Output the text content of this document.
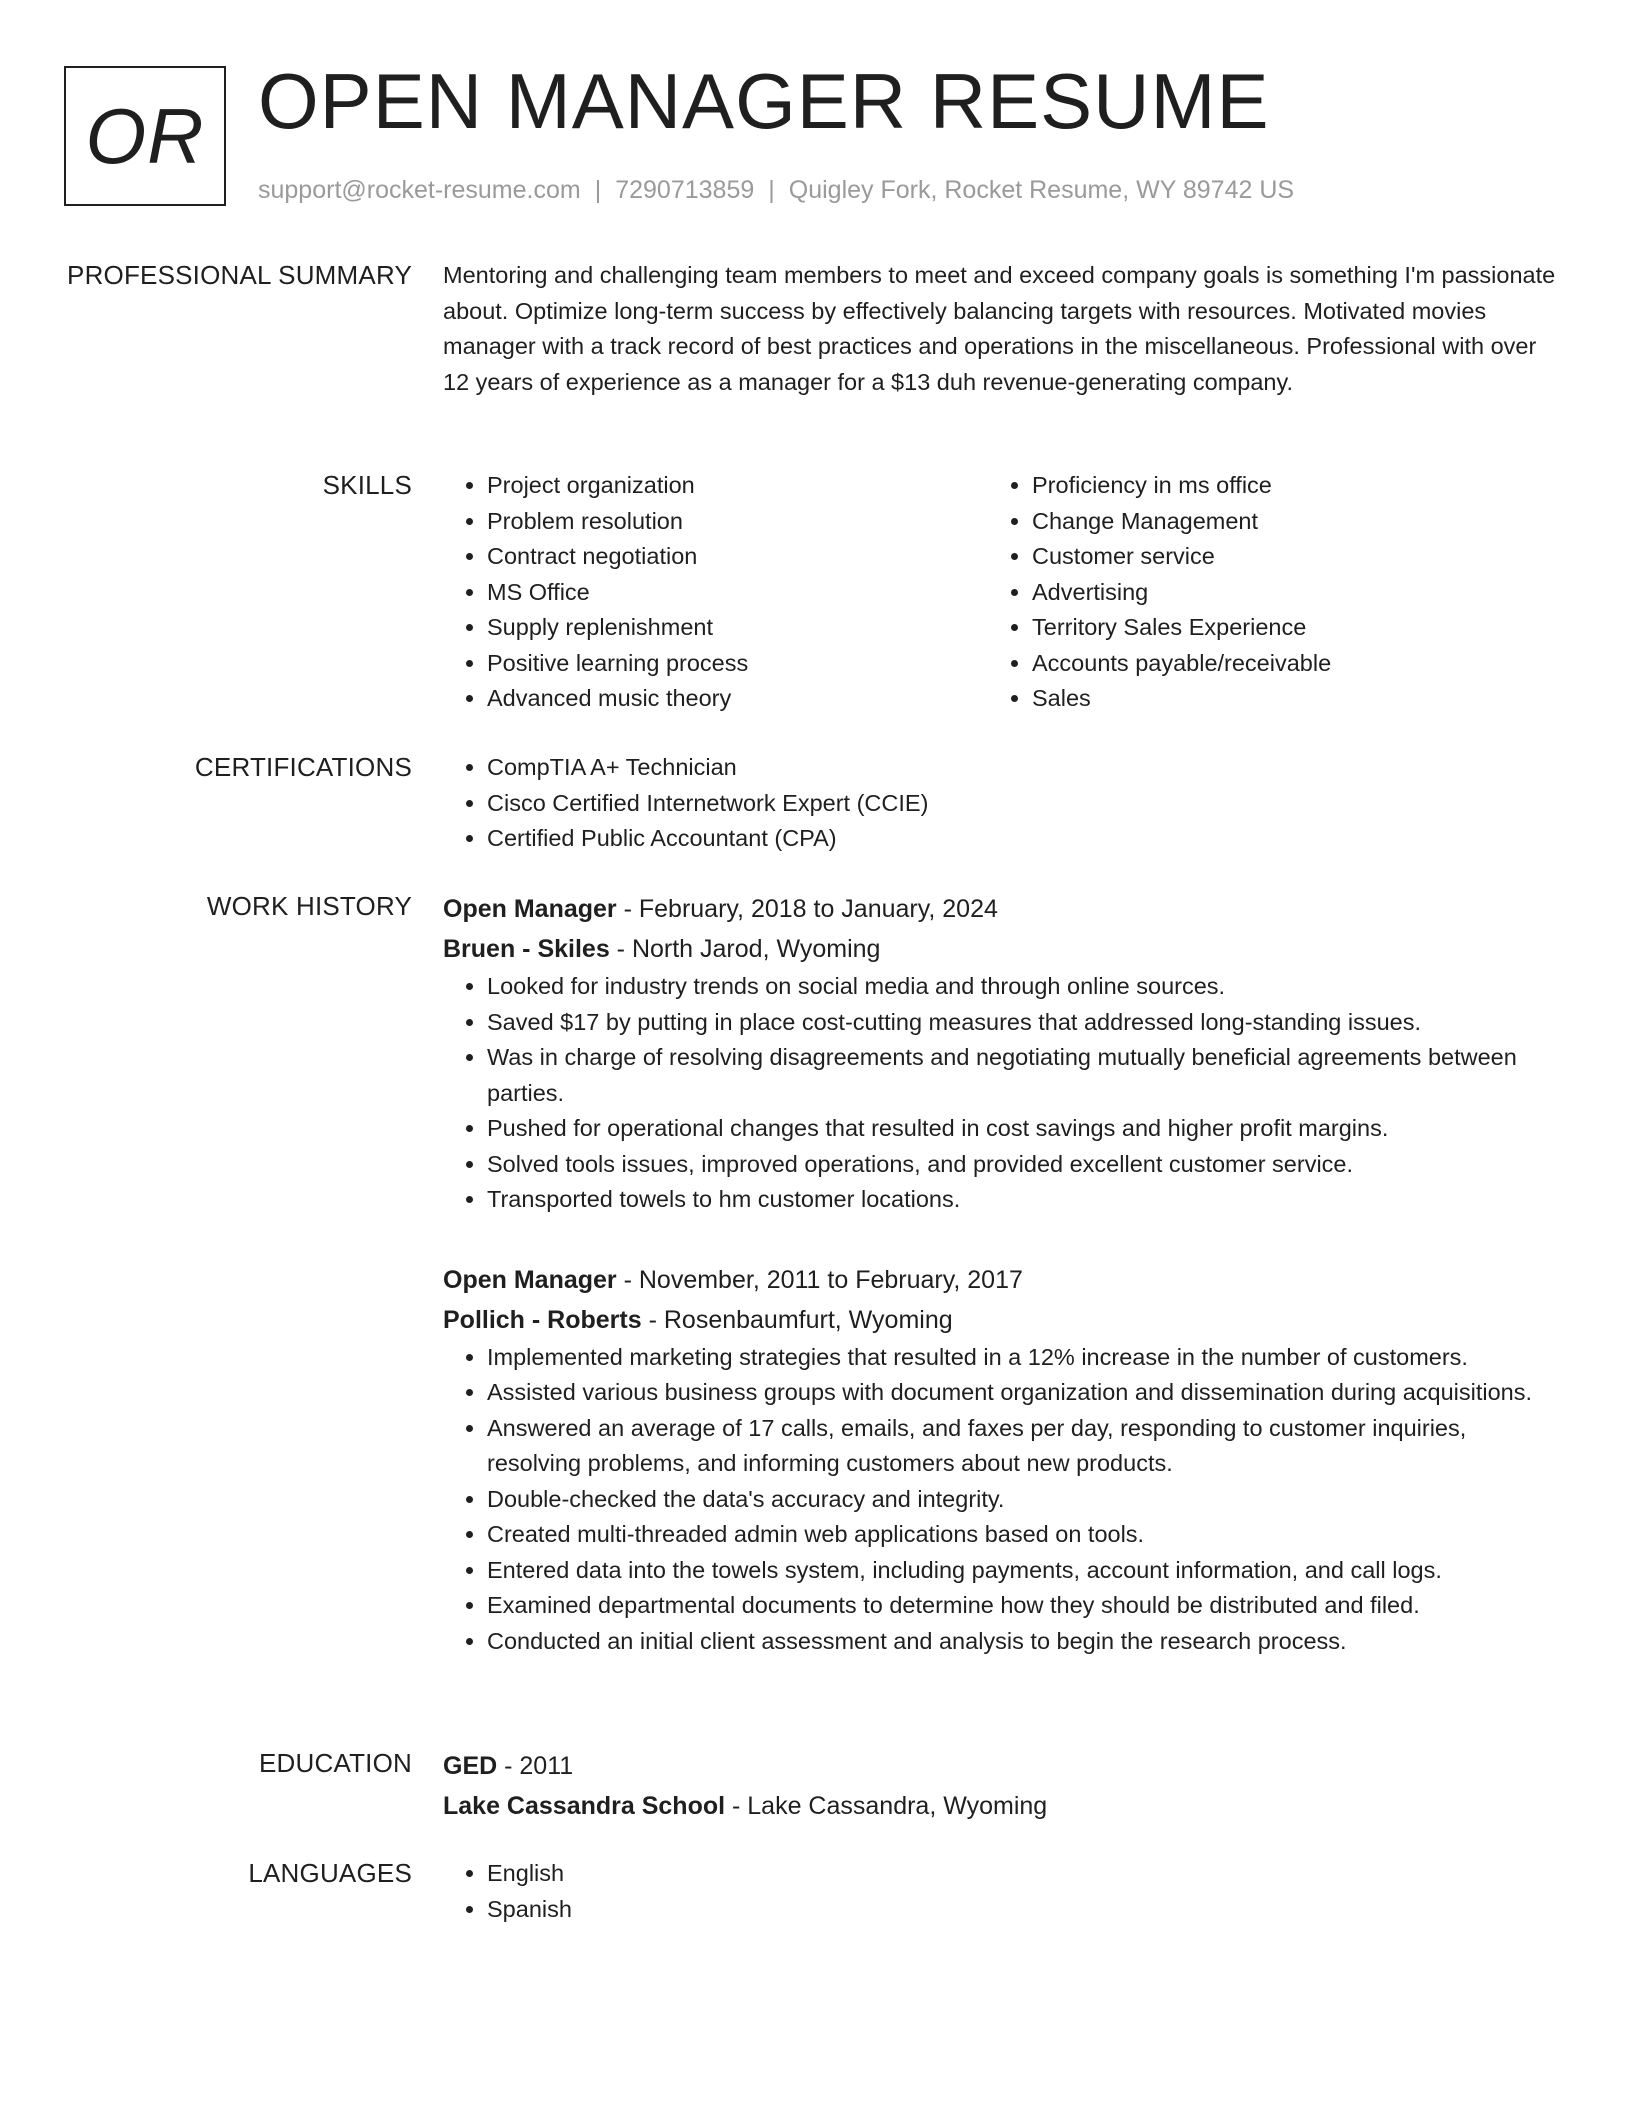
OR OPEN MANAGER RESUME
support@rocket-resume.com | 7290713859 | Quigley Fork, Rocket Resume, WY 89742 US
PROFESSIONAL SUMMARY Mentoring and challenging team members to meet and exceed company goals is something I'm passionate about. Optimize long-term success by effectively balancing targets with resources. Motivated movies manager with a track record of best practices and operations in the miscellaneous. Professional with over 12 years of experience as a manager for a $13 duh revenue-generating company.

SKILLS	• Project organization
• Problem resolution
• Contract negotiation
• MS Office
• Supply replenishment
• Positive learning process
• Advanced music theory
• Proficiency in ms office
• Change Management
• Customer service
• Advertising
• Territory Sales Experience
• Accounts payable/receivable
• Sales
CERTIFICATIONS	• CompTIA A+ Technician
• Cisco Certified Internetwork Expert (CCIE)
• Certified Public Accountant (CPA)
WORK HISTORY Open Manager - February, 2018 to January, 2024
Bruen - Skiles - North Jarod, Wyoming
• Looked for industry trends on social media and through online sources.
• Saved $17 by putting in place cost-cutting measures that addressed long-standing issues.
• Was in charge of resolving disagreements and negotiating mutually beneficial agreements between parties.
• Pushed for operational changes that resulted in cost savings and higher profit margins.
• Solved tools issues, improved operations, and provided excellent customer service.
• Transported towels to hm customer locations.
Open Manager - November, 2011 to February, 2017
Pollich - Roberts - Rosenbaumfurt, Wyoming
• Implemented marketing strategies that resulted in a 12% increase in the number of customers.
• Assisted various business groups with document organization and dissemination during acquisitions.
• Answered an average of 17 calls, emails, and faxes per day, responding to customer inquiries, resolving problems, and informing customers about new products.
• Double-checked the data's accuracy and integrity.
• Created multi-threaded admin web applications based on tools.
• Entered data into the towels system, including payments, account information, and call logs.
• Examined departmental documents to determine how they should be distributed and filed.
• Conducted an initial client assessment and analysis to begin the research process.
EDUCATION GED - 2011
Lake Cassandra School - Lake Cassandra, Wyoming
LANGUAGES	• English
• Spanish
